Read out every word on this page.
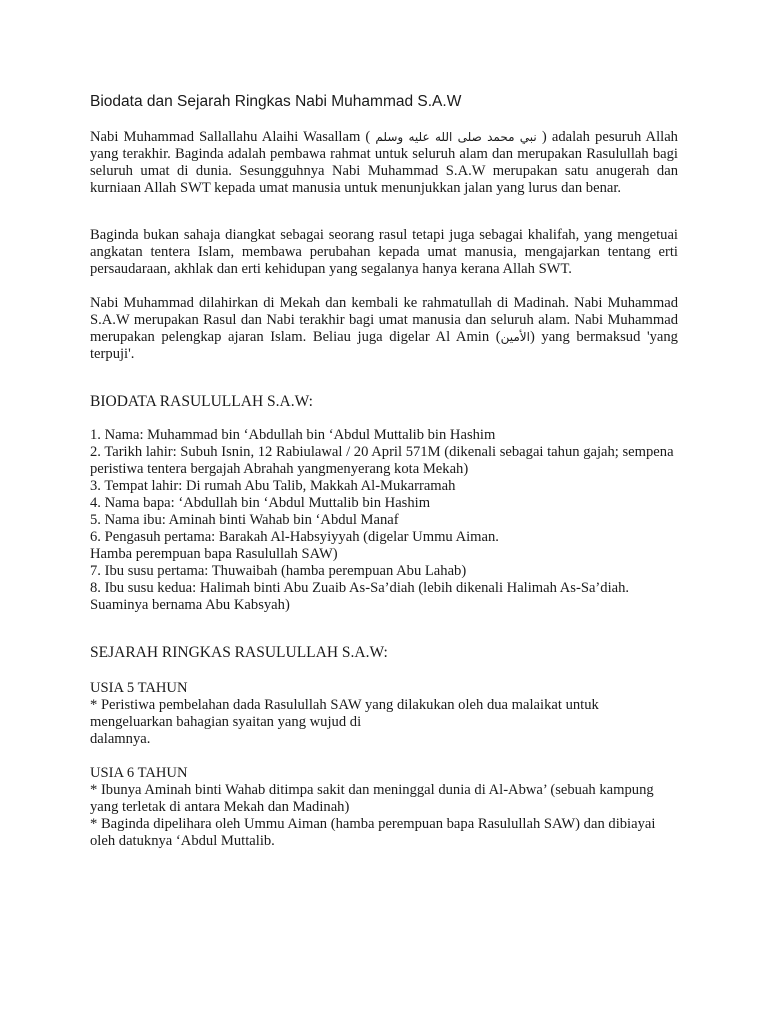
Biodata dan Sejarah Ringkas Nabi Muhammad S.A.W

Nabi Muhammad Sallallahu Alaihi Wasallam ( نبي محمد صلى الله عليه وسلم ) adalah pesuruh Allah yang terakhir. Baginda adalah pembawa rahmat untuk seluruh alam dan merupakan Rasulullah bagi seluruh umat di dunia. Sesungguhnya Nabi Muhammad S.A.W merupakan satu anugerah dan kurniaan Allah SWT kepada umat manusia untuk menunjukkan jalan yang lurus dan benar.

Baginda bukan sahaja diangkat sebagai seorang rasul tetapi juga sebagai khalifah, yang mengetuai angkatan tentera Islam, membawa perubahan kepada umat manusia, mengajarkan tentang erti persaudaraan, akhlak dan erti kehidupan yang segalanya hanya kerana Allah SWT.

Nabi Muhammad dilahirkan di Mekah dan kembali ke rahmatullah di Madinah. Nabi Muhammad S.A.W merupakan Rasul dan Nabi terakhir bagi umat manusia dan seluruh alam. Nabi Muhammad merupakan pelengkap ajaran Islam. Beliau juga digelar Al Amin (الأمين) yang bermaksud 'yang terpuji'.

BIODATA RASULULLAH S.A.W:
1. Nama: Muhammad bin ‘Abdullah bin ‘Abdul Muttalib bin Hashim
2. Tarikh lahir: Subuh Isnin, 12 Rabiulawal / 20 April 571M (dikenali sebagai tahun gajah; sempena peristiwa tentera bergajah Abrahah yangmenyerang kota Mekah)
3. Tempat lahir: Di rumah Abu Talib, Makkah Al-Mukarramah
4. Nama bapa: ‘Abdullah bin ‘Abdul Muttalib bin Hashim
5. Nama ibu: Aminah binti Wahab bin ‘Abdul Manaf
6. Pengasuh pertama: Barakah Al-Habsyiyyah (digelar Ummu Aiman.
Hamba perempuan bapa Rasulullah SAW)
7. Ibu susu pertama: Thuwaibah (hamba perempuan Abu Lahab)
8. Ibu susu kedua: Halimah binti Abu Zuaib As-Sa’diah (lebih dikenali Halimah As-Sa’diah. Suaminya bernama Abu Kabsyah)
SEJARAH RINGKAS RASULULLAH S.A.W:
USIA 5 TAHUN
* Peristiwa pembelahan dada Rasulullah SAW yang dilakukan oleh dua malaikat untuk mengeluarkan bahagian syaitan yang wujud di
dalamnya.
USIA 6 TAHUN
* Ibunya Aminah binti Wahab ditimpa sakit dan meninggal dunia di Al-Abwa’ (sebuah kampung yang terletak di antara Mekah dan Madinah)
* Baginda dipelihara oleh Ummu Aiman (hamba perempuan bapa Rasulullah SAW) dan dibiayai oleh datuknya ‘Abdul Muttalib.
